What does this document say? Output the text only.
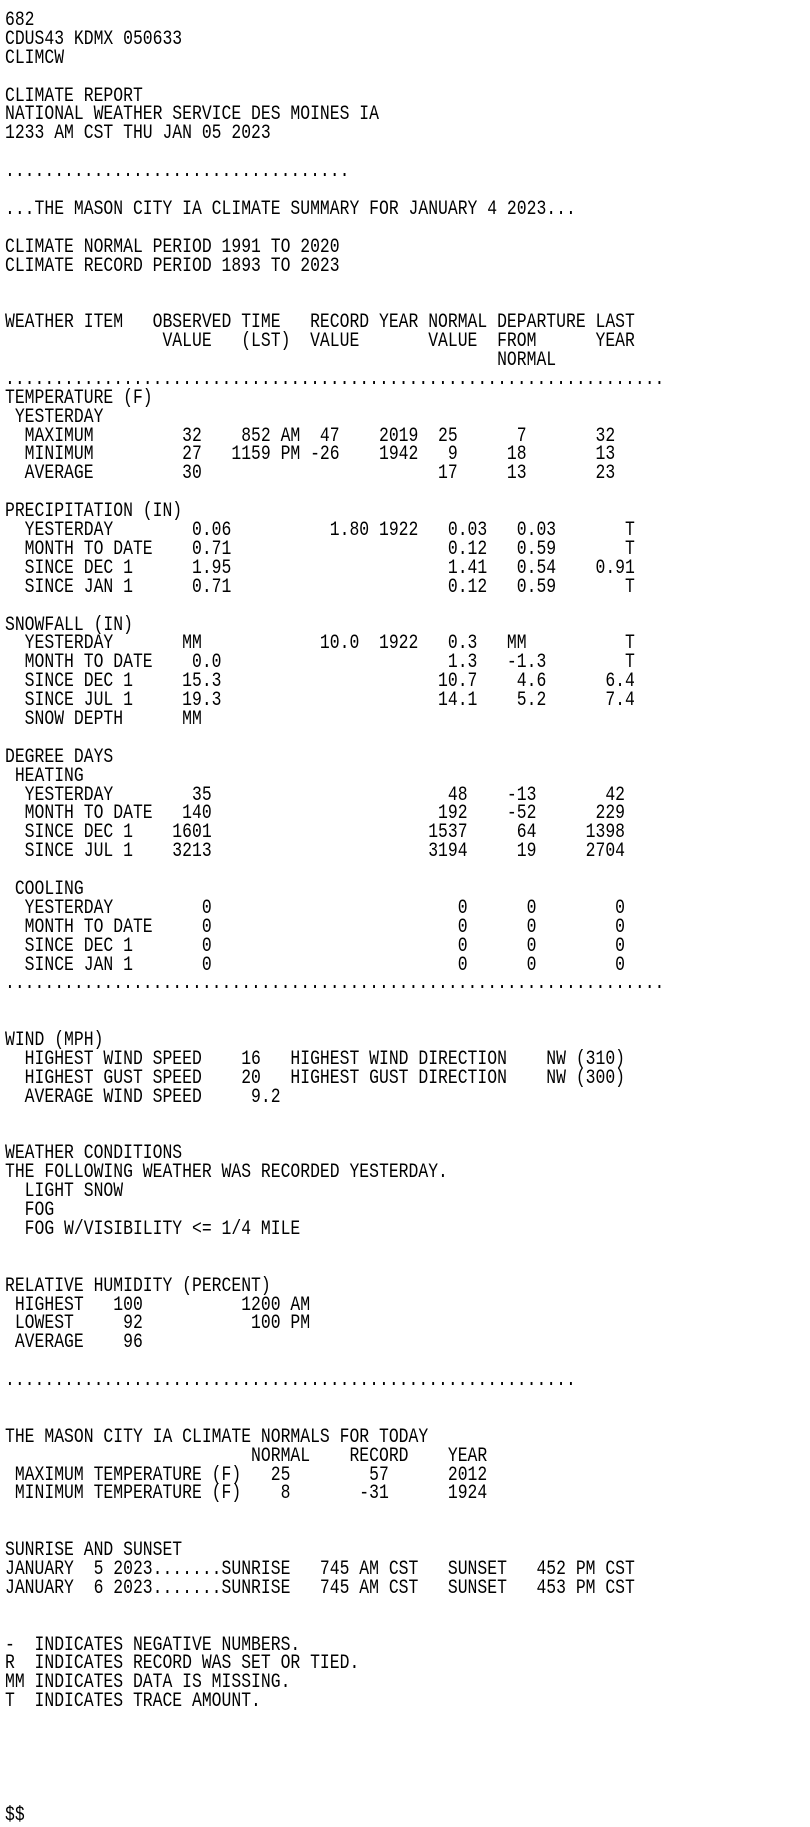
682
CDUS43 KDMX 050633
CLIMCW
CLIMATE REPORT
NATIONAL WEATHER SERVICE DES MOINES IA
1233 AM CST THU JAN 05 2023
...................................
...THE MASON CITY IA CLIMATE SUMMARY FOR JANUARY 4 2023...
CLIMATE NORMAL PERIOD 1991 TO 2020
CLIMATE RECORD PERIOD 1893 TO 2023
WEATHER ITEM   OBSERVED TIME   RECORD YEAR NORMAL DEPARTURE LAST
VALUE   (LST)  VALUE       VALUE  FROM      YEAR
NORMAL
...................................................................
TEMPERATURE (F)
YESTERDAY
MAXIMUM         32    852 AM  47    2019  25      7       32
MINIMUM         27   1159 PM -26    1942   9     18       13
AVERAGE         30                        17     13       23
PRECIPITATION (IN)
YESTERDAY        0.06          1.80 1922   0.03   0.03       T
MONTH TO DATE    0.71                      0.12   0.59       T
SINCE DEC 1      1.95                      1.41   0.54    0.91
SINCE JAN 1      0.71                      0.12   0.59       T
SNOWFALL (IN)
YESTERDAY       MM            10.0  1922   0.3   MM          T
MONTH TO DATE    0.0                       1.3   -1.3        T
SINCE DEC 1     15.3                      10.7    4.6      6.4
SINCE JUL 1     19.3                      14.1    5.2      7.4
SNOW DEPTH      MM
DEGREE DAYS
HEATING
YESTERDAY        35                        48    -13       42
MONTH TO DATE   140                       192    -52      229
SINCE DEC 1    1601                      1537     64     1398
SINCE JUL 1    3213                      3194     19     2704
COOLING
YESTERDAY         0                         0      0        0
MONTH TO DATE     0                         0      0        0
SINCE DEC 1       0                         0      0        0
SINCE JAN 1       0                         0      0        0
...................................................................
WIND (MPH)
HIGHEST WIND SPEED    16   HIGHEST WIND DIRECTION    NW (310)
HIGHEST GUST SPEED    20   HIGHEST GUST DIRECTION    NW (300)
AVERAGE WIND SPEED     9.2
WEATHER CONDITIONS
THE FOLLOWING WEATHER WAS RECORDED YESTERDAY.
LIGHT SNOW
FOG
FOG W/VISIBILITY <= 1/4 MILE
RELATIVE HUMIDITY (PERCENT)
HIGHEST   100          1200 AM
LOWEST     92           100 PM
AVERAGE    96
..........................................................
THE MASON CITY IA CLIMATE NORMALS FOR TODAY
NORMAL    RECORD    YEAR
MAXIMUM TEMPERATURE (F)   25        57      2012
MINIMUM TEMPERATURE (F)    8       -31      1924
SUNRISE AND SUNSET
JANUARY  5 2023.......SUNRISE   745 AM CST   SUNSET   452 PM CST
JANUARY  6 2023.......SUNRISE   745 AM CST   SUNSET   453 PM CST
-  INDICATES NEGATIVE NUMBERS.
R  INDICATES RECORD WAS SET OR TIED.
MM INDICATES DATA IS MISSING.
T  INDICATES TRACE AMOUNT.
$$
